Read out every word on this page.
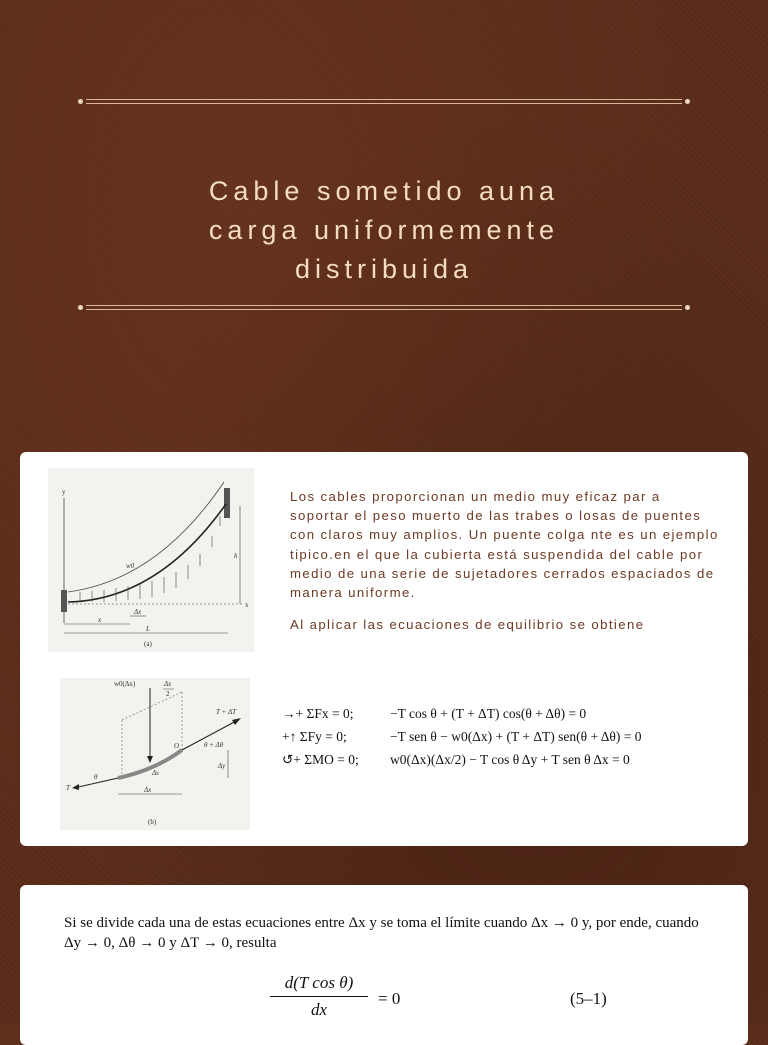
Cable sometido auna
carga uniformemente
distribuida
y
x
w0
h
Δx
x
L
(a)
w0(Δx)	Δx
2
T
θ
T + ΔT
O	θ + Δθ
Δs
Δy
Δx
(b)

Los cables proporcionan un medio muy eficaz par a soportar el peso muerto de las trabes o losas de puentes con claros muy amplios. Un puente colga nte es un ejemplo tipico.en el que la cubierta está suspendida del cable por medio de una serie de sujetadores cerrados espaciados de manera uniforme.

Al aplicar las ecuaciones de equilibrio se obtiene

→+ ΣFx = 0;	−T cos θ + (T + ΔT) cos(θ + Δθ) = 0
+↑ ΣFy = 0;	−T sen θ − w0(Δx) + (T + ΔT) sen(θ + Δθ) = 0
↺+ ΣMO = 0;	w0(Δx)(Δx/2) − T cos θ Δy + T sen θ Δx = 0
Si se divide cada una de estas ecuaciones entre Δx y se toma el límite cuando Δx → 0 y, por ende, cuando Δy → 0, Δθ → 0 y ΔT → 0, resulta
$\frac{\text{d(T cos θ)}}{dx} = 0$	(5–1)
